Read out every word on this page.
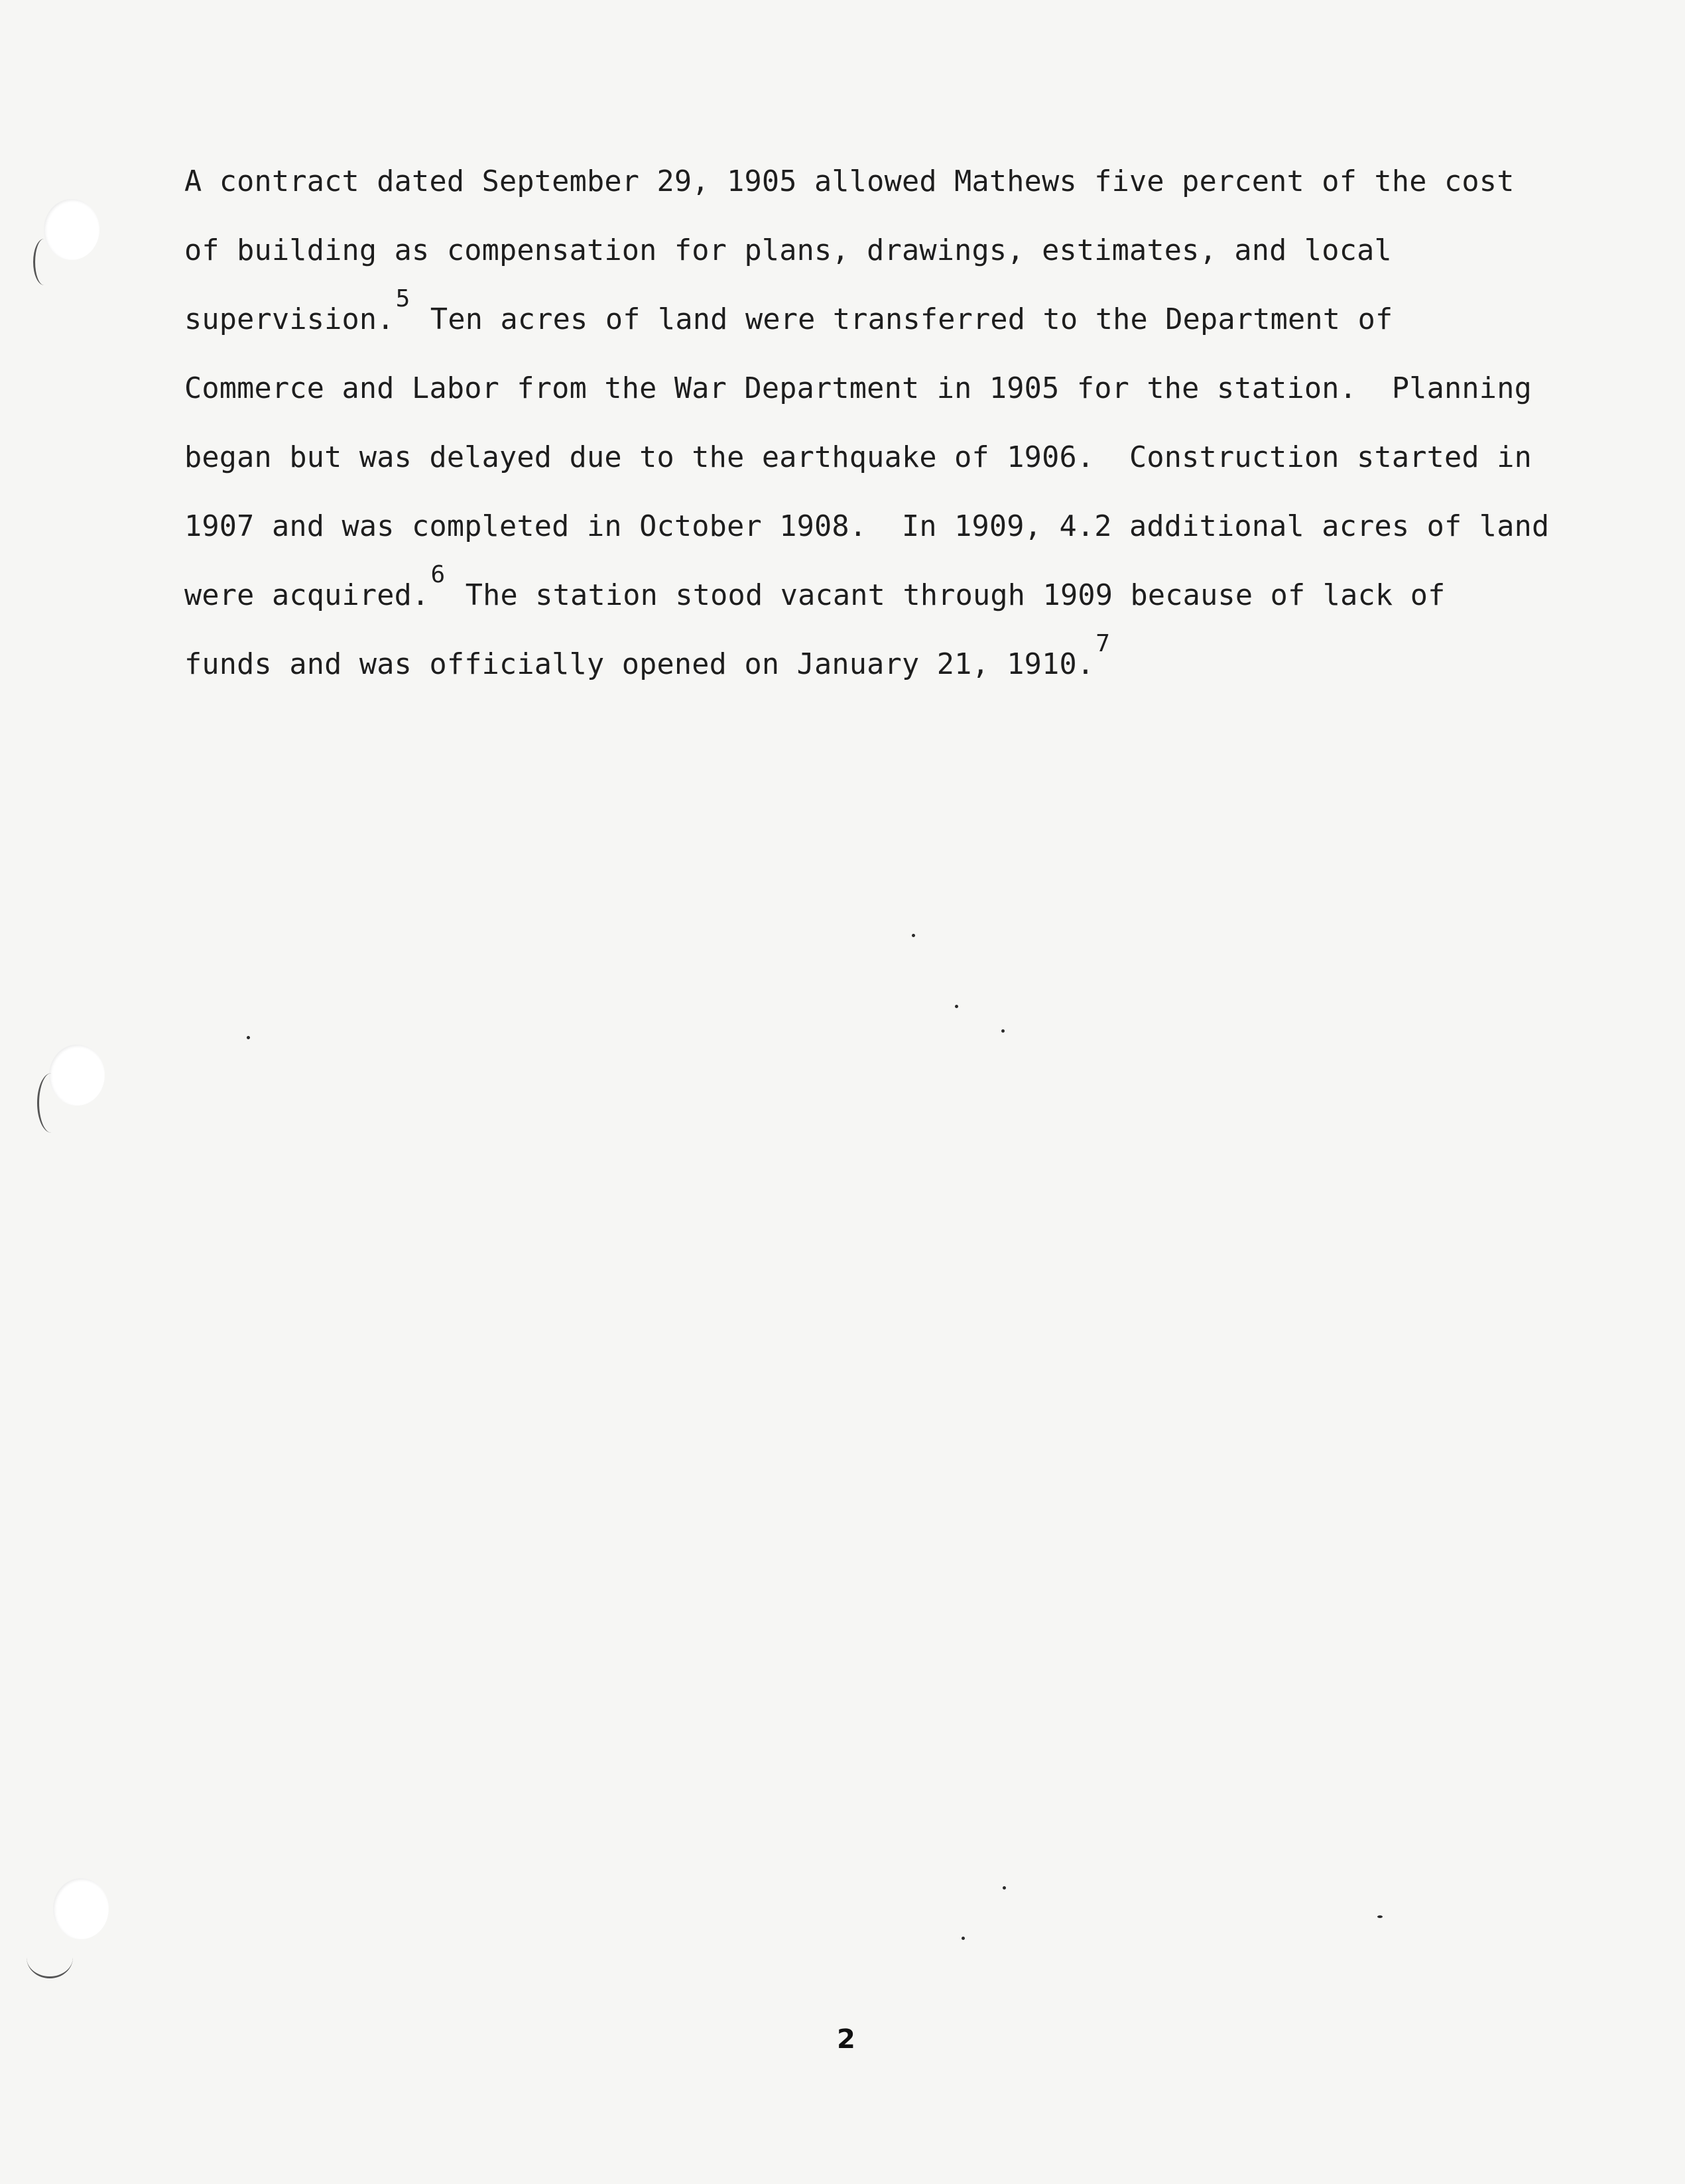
A contract dated September 29, 1905 allowed Mathews five percent of the cost
of building as compensation for plans, drawings, estimates, and local
supervision.$^5$ Ten acres of land were transferred to the Department of
Commerce and Labor from the War Department in 1905 for the station.  Planning
began but was delayed due to the earthquake of 1906.  Construction started in
1907 and was completed in October 1908.  In 1909, 4.2 additional acres of land
were acquired.$^6$ The station stood vacant through 1909 because of lack of
funds and was officially opened on January 21, 1910.$^7$
2
